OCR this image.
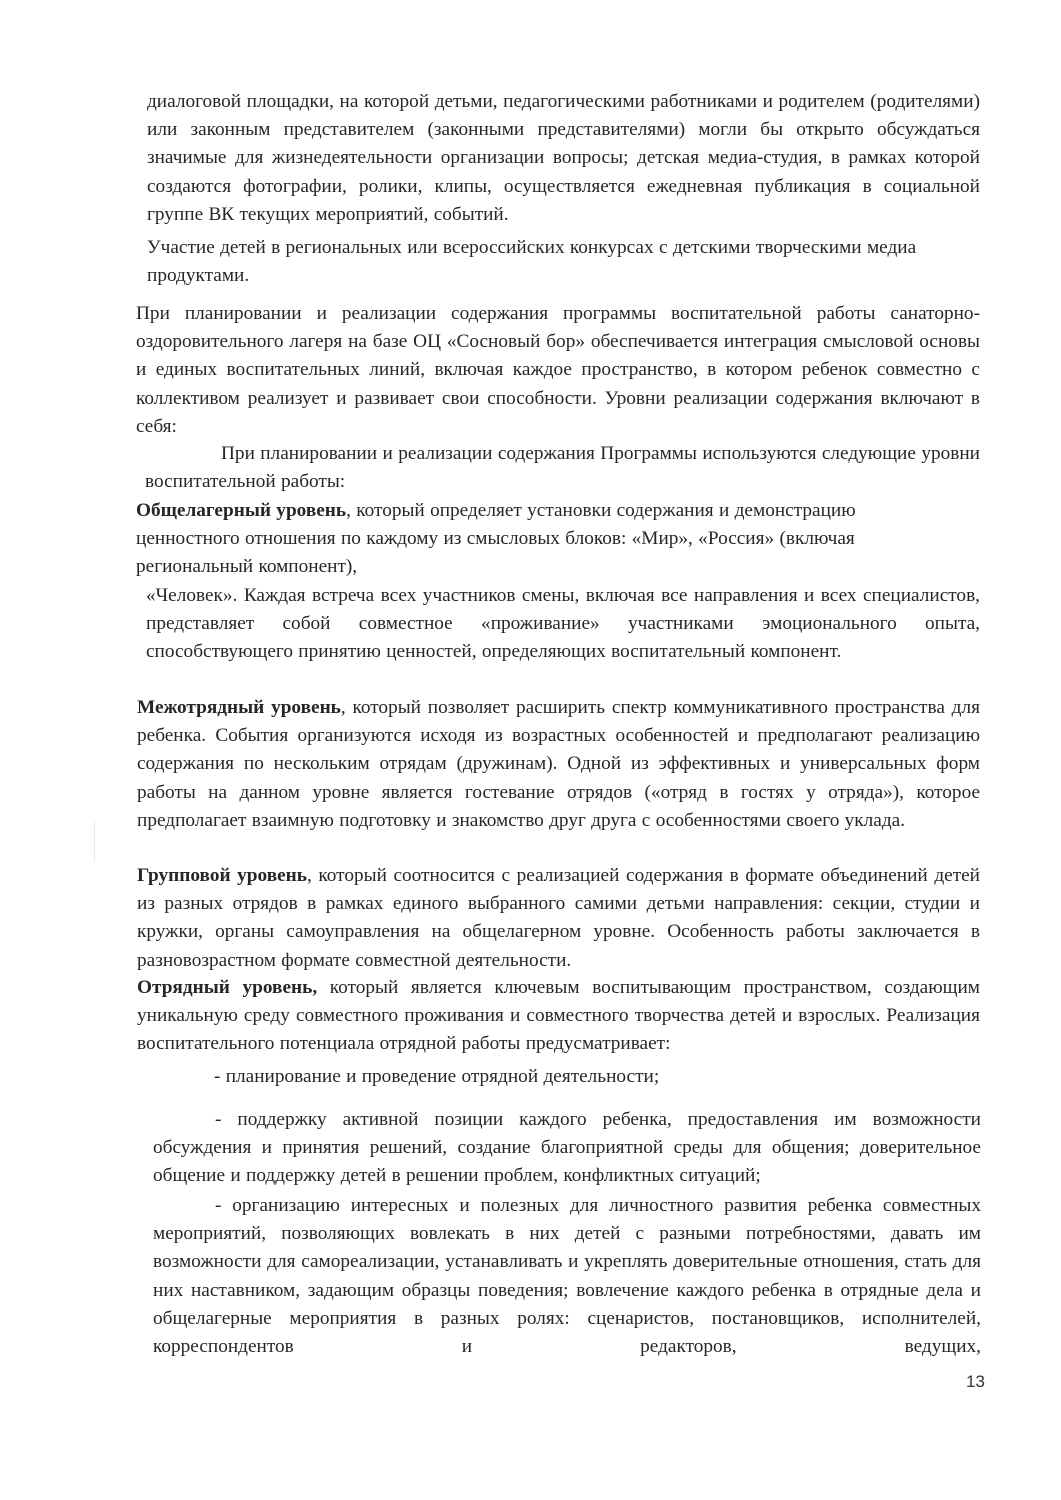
диалоговой площадки, на которой детьми, педагогическими работниками и родителем (родителями) или законным представителем (законными представителями) могли бы открыто обсуждаться значимые для жизнедеятельности организации вопросы; детская медиа-студия, в рамках которой создаются фотографии, ролики, клипы, осуществляется ежедневная публикация в социальной группе ВК текущих мероприятий, событий.

Участие детей в региональных или всероссийских конкурсах с детскими творческими медиа продуктами.

При планировании и реализации содержания программы воспитательной работы санаторно-оздоровительного лагеря на базе ОЦ «Сосновый бор» обеспечивается интеграция смысловой основы и единых воспитательных линий, включая каждое пространство, в котором ребенок совместно с коллективом реализует и развивает свои способности. Уровни реализации содержания включают в себя:

При планировании и реализации содержания Программы используются следующие уровни воспитательной работы:

Общелагерный уровень, который определяет установки содержания и демонстрацию ценностного отношения по каждому из смысловых блоков: «Мир», «Россия» (включая региональный компонент),

«Человек». Каждая встреча всех участников смены, включая все направления и всех специалистов, представляет собой совместное «проживание» участниками эмоционального опыта, способствующего принятию ценностей, определяющих воспитательный компонент.

Межотрядный уровень, который позволяет расширить спектр коммуникативного пространства для ребенка. События организуются исходя из возрастных особенностей и предполагают реализацию содержания по нескольким отрядам (дружинам). Одной из эффективных и универсальных форм работы на данном уровне является гостевание отрядов («отряд в гостях у отряда»), которое предполагает взаимную подготовку и знакомство друг друга с особенностями своего уклада.

Групповой уровень, который соотносится с реализацией содержания в формате объединений детей из разных отрядов в рамках единого выбранного самими детьми направления: секции, студии и кружки, органы самоуправления на общелагерном уровне. Особенность работы заключается в разновозрастном формате совместной деятельности.

Отрядный уровень, который является ключевым воспитывающим пространством, создающим уникальную среду совместного проживания и совместного творчества детей и взрослых. Реализация воспитательного потенциала отрядной работы предусматривает:

- планирование и проведение отрядной деятельности;

- поддержку активной позиции каждого ребенка, предоставления им возможности обсуждения и принятия решений, создание благоприятной среды для общения; доверительное общение и поддержку детей в решении проблем, конфликтных ситуаций;

- организацию интересных и полезных для личностного развития ребенка совместных мероприятий, позволяющих вовлекать в них детей с разными потребностями, давать им возможности для самореализации, устанавливать и укреплять доверительные отношения, стать для них наставником, задающим образцы поведения; вовлечение каждого ребенка в отрядные дела и общелагерные мероприятия в разных ролях: сценаристов, постановщиков, исполнителей, корреспондентов и редакторов, ведущих,

13
